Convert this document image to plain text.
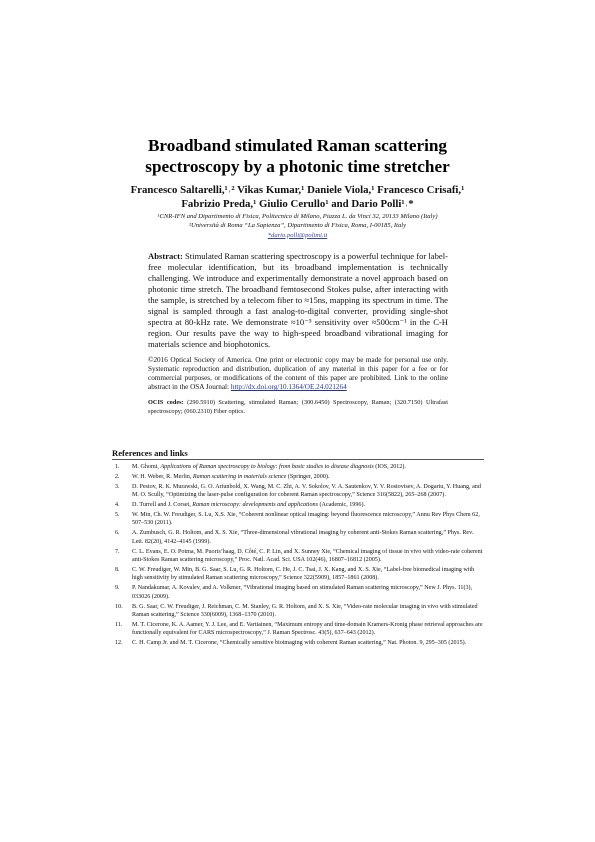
Broadband stimulated Raman scattering
spectroscopy by a photonic time stretcher
Francesco Saltarelli,¹˒² Vikas Kumar,¹ Daniele Viola,¹ Francesco Crisafi,¹
Fabrizio Preda,¹ Giulio Cerullo¹ and Dario Polli¹˒*
¹CNR-IFN and Dipartimento di Fisica, Politecnico di Milano, Piazza L. da Vinci 32, 20133 Milano (Italy)
²Università di Roma “La Sapienza”, Dipartimento di Fisica, Roma, I-00185, Italy
*dario.polli@polimi.it

Abstract: Stimulated Raman scattering spectroscopy is a powerful technique for label-free molecular identification, but its broadband implementation is technically challenging. We introduce and experimentally demonstrate a novel approach based on photonic time stretch. The broadband femtosecond Stokes pulse, after interacting with the sample, is stretched by a telecom fiber to ≈15ns, mapping its spectrum in time. The signal is sampled through a fast analog-to-digital converter, providing single-shot spectra at 80-kHz rate. We demonstrate ≈10⁻⁵ sensitivity over ≈500cm⁻¹ in the C-H region. Our results pave the way to high-speed broadband vibrational imaging for materials science and biophotonics.

©2016 Optical Society of America. One print or electronic copy may be made for personal use only. Systematic reproduction and distribution, duplication of any material in this paper for a fee or for commercial purposes, or modifications of the content of this paper are prohibited. Link to the online abstract in the OSA Journal: http://dx.doi.org/10.1364/OE.24.021264

OCIS codes: (290.5910) Scattering, stimulated Raman; (300.6450) Spectroscopy, Raman; (320.7150) Ultrafast spectroscopy; (060.2310) Fiber optics.

References and links
1. M. Ghomi, Applications of Raman spectroscopy to biology: from basic studies to disease diagnosis (IOS, 2012).
2. W. H. Weber, R. Merlin, Raman scattering in materials science (Springer, 2000).
3. D. Pestov, R. K. Murawski, G. O. Ariunbold, X. Wang, M. C. Zhi, A. V. Sokolov, V. A. Sautenkov, Y. V. Rostovtsev, A. Dogariu, Y. Huang, and M. O. Scully, “Optimizing the laser-pulse configuration for coherent Raman spectroscopy,” Science 316(5822), 265–268 (2007).
4. D. Turrell and J. Corset, Raman microscopy: developments and applications (Academic, 1996).
5. W. Min, Ch. W. Freudiger, S. Lu, X.S. Xie, “Coherent nonlinear optical imaging: beyond fluorescence microscopy,” Annu Rev Phys Chem 62, 507–530 (2011).
6. A. Zumbusch, G. R. Holtom, and X. S. Xie, “Three-dimensional vibrational imaging by coherent anti-Stokes Raman scattering,” Phys. Rev. Lett. 82(20), 4142–4145 (1999).
7. C. L. Evans, E. O. Potma, M. Puoris’haag, D. Côté, C. P. Lin, and X. Sunney Xie, “Chemical imaging of tissue in vivo with video-rate coherent anti-Stokes Raman scattering microscopy,” Proc. Natl. Acad. Sci. USA 102(46), 16807–16812 (2005).
8. C. W. Freudiger, W. Min, B. G. Saar, S. Lu, G. R. Holtom, C. He, J. C. Tsai, J. X. Kang, and X. S. Xie, “Label-free biomedical imaging with high sensitivity by stimulated Raman scattering microscopy,” Science 322(5909), 1857–1861 (2008).
9. P. Nandakumar, A. Kovalev, and A. Volkmer, “Vibrational imaging based on stimulated Raman scattering microscopy,” New J. Phys. 11(3), 033026 (2009).
10. B. G. Saar, C. W. Freudiger, J. Reichman, C. M. Stanley, G. R. Holtom, and X. S. Xie, “Video-rate molecular imaging in vivo with stimulated Raman scattering,” Science 330(6009), 1368–1370 (2010).
11. M. T. Cicerone, K. A. Aamer, Y. J. Lee, and E. Vartiainen, “Maximum entropy and time-domain Kramers-Kronig phase retrieval approaches are functionally equivalent for CARS microspectroscopy,” J. Raman Spectrosc. 43(5), 637–643 (2012).
12. C. H. Camp Jr. and M. T. Cicerone, “Chemically sensitive bioimaging with coherent Raman scattering,” Nat. Photon. 9, 295–305 (2015).
